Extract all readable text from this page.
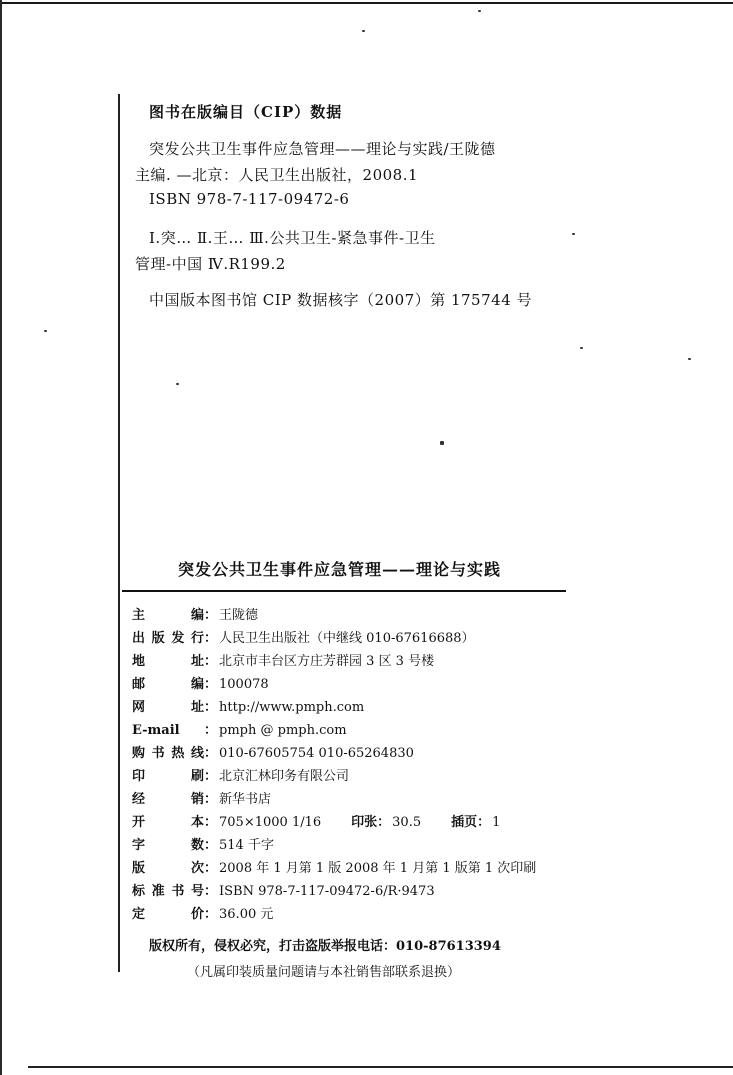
图书在版编目（CIP）数据
突发公共卫生事件应急管理——理论与实践/王陇德
主编. —北京：人民卫生出版社，2008.1
ISBN 978-7-117-09472-6
Ⅰ.突… Ⅱ.王… Ⅲ.公共卫生-紧急事件-卫生
管理-中国 Ⅳ.R199.2
中国版本图书馆 CIP 数据核字（2007）第 175744 号
突发公共卫生事件应急管理——理论与实践
主编 ： 王陇德
出版发行 ： 人民卫生出版社（中继线 010-67616688）
地址 ： 北京市丰台区方庄芳群园 3 区 3 号楼
邮编 ： 100078
网址 ： http://www.pmph.com
E-mail	： pmph @ pmph.com
购书热线 ： 010-67605754 010-65264830
印刷 ： 北京汇林印务有限公司
经销 ： 新华书店
开本 ： 705×1000 1/16 印张： 30.5 插页： 1
字数 ： 514 千字
版次 ： 2008 年 1 月第 1 版 2008 年 1 月第 1 版第 1 次印刷
标准书号 ： ISBN 978-7-117-09472-6/R·9473
定价 ： 36.00 元
版权所有，侵权必究，打击盗版举报电话：010-87613394
（凡属印装质量问题请与本社销售部联系退换）
